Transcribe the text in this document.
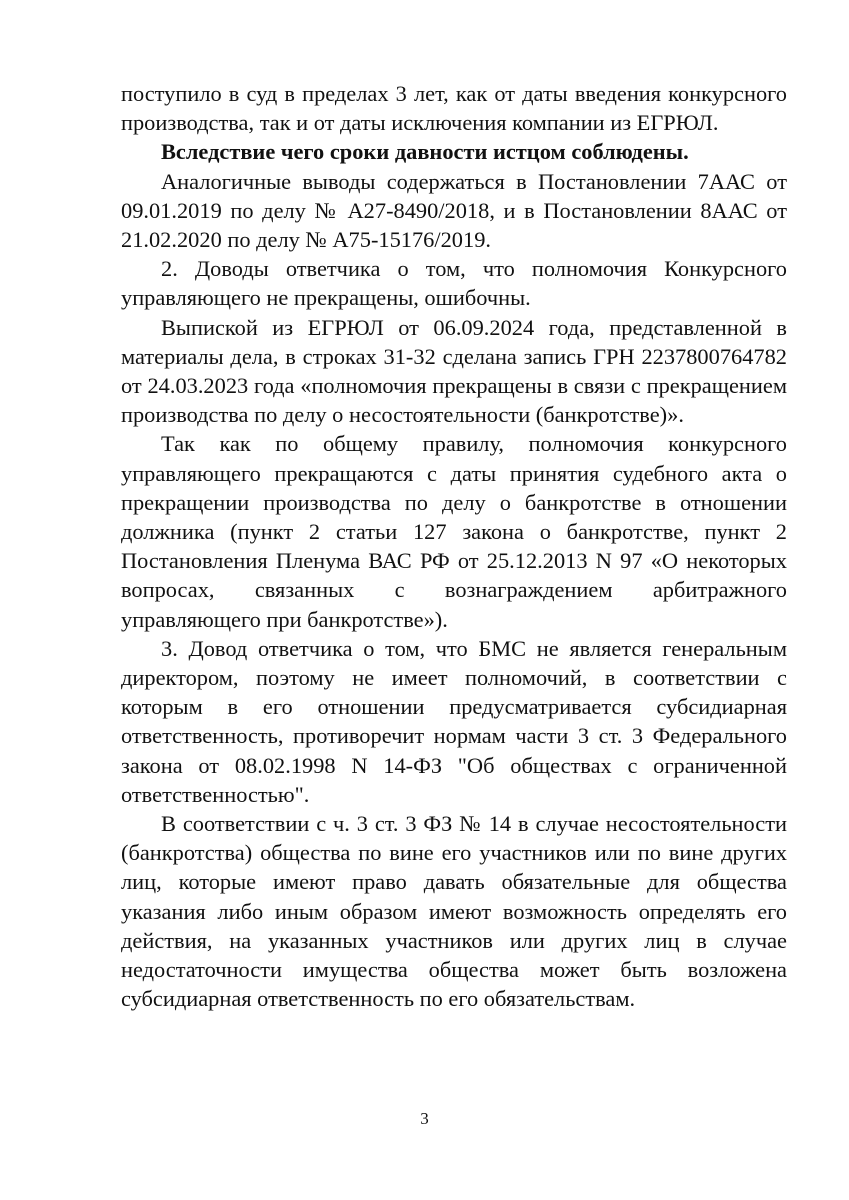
поступило в суд в пределах 3 лет, как от даты введения конкурсного производства, так и от даты исключения компании из ЕГРЮЛ.

Вследствие чего сроки давности истцом соблюдены.

Аналогичные выводы содержаться в Постановлении 7ААС от 09.01.2019 по делу № А27-8490/2018, и в Постановлении 8ААС от 21.02.2020 по делу № А75-15176/2019.

2. Доводы ответчика о том, что полномочия Конкурсного управляющего не прекращены, ошибочны.

Выпиской из ЕГРЮЛ от 06.09.2024 года, представленной в материалы дела, в строках 31-32 сделана запись ГРН 2237800764782 от 24.03.2023 года «полномочия прекращены в связи с прекращением производства по делу о несостоятельности (банкротстве)».

Так как по общему правилу, полномочия конкурсного управляющего прекращаются с даты принятия судебного акта о прекращении производства по делу о банкротстве в отношении должника (пункт 2 статьи 127 закона о банкротстве, пункт 2 Постановления Пленума ВАС РФ от 25.12.2013 N 97 «О некоторых вопросах, связанных с вознаграждением арбитражного управляющего при банкротстве»).

3. Довод ответчика о том, что БМС не является генеральным директором, поэтому не имеет полномочий, в соответствии с которым в его отношении предусматривается субсидиарная ответственность, противоречит нормам части 3 ст. 3 Федерального закона от 08.02.1998 N 14-ФЗ "Об обществах с ограниченной ответственностью".

В соответствии с ч. 3 ст. 3 ФЗ № 14 в случае несостоятельности (банкротства) общества по вине его участников или по вине других лиц, которые имеют право давать обязательные для общества указания либо иным образом имеют возможность определять его действия, на указанных участников или других лиц в случае недостаточности имущества общества может быть возложена субсидиарная ответственность по его обязательствам.

3
